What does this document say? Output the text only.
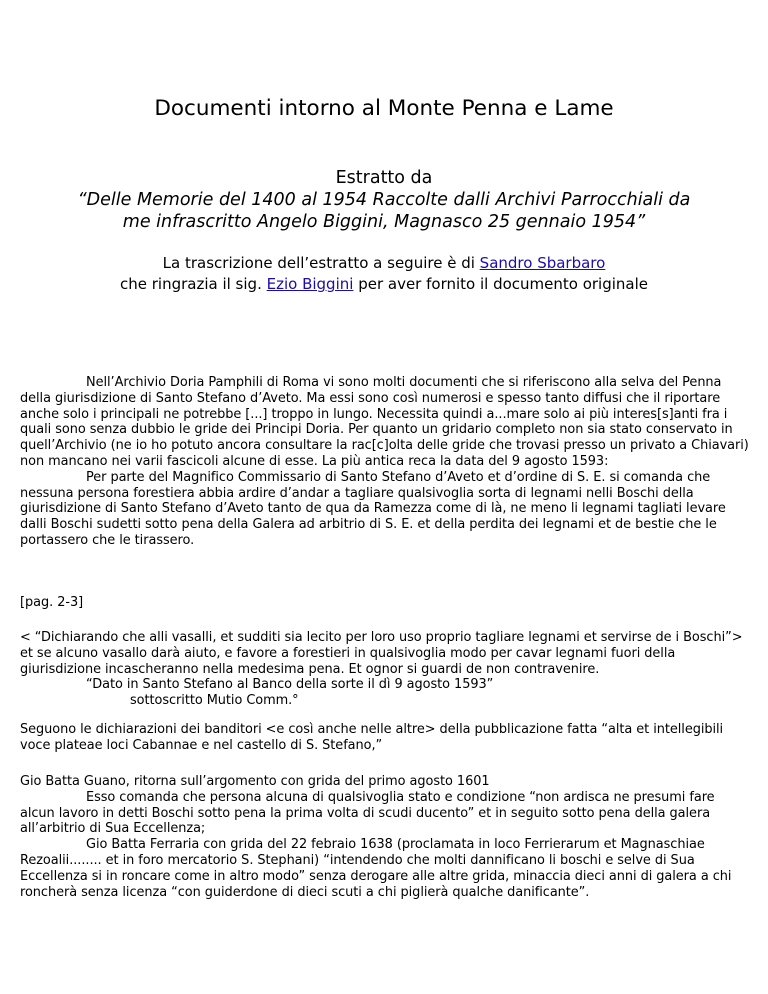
Documenti intorno al Monte Penna e Lame
Estratto da
“Delle Memorie del 1400 al 1954 Raccolte dalli Archivi Parrocchiali da
me infrascritto Angelo Biggini, Magnasco 25 gennaio 1954”
La trascrizione dell’estratto a seguire è di Sandro Sbarbaro
che ringrazia il sig. Ezio Biggini per aver fornito il documento originale

Nell’Archivio Doria Pamphili di Roma vi sono molti documenti che si riferiscono alla selva del Penna della giurisdizione di Santo Stefano d’Aveto. Ma essi sono così numerosi e spesso tanto diffusi che il riportare anche solo i principali ne potrebbe [...] troppo in lungo. Necessita quindi a...mare solo ai più interes[s]anti fra i quali sono senza dubbio le gride dei Principi Doria. Per quanto un gridario completo non sia stato conservato in quell’Archivio (ne io ho potuto ancora consultare la rac[c]olta delle gride che trovasi presso un privato a Chiavari) non mancano nei varii fascicoli alcune di esse. La più antica reca la data del 9 agosto 1593:

Per parte del Magnifico Commissario di Santo Stefano d’Aveto et d’ordine di S. E. si comanda che nessuna persona forestiera abbia ardire d’andar a tagliare qualsivoglia sorta di legnami nelli Boschi della giurisdizione di Santo Stefano d’Aveto tanto de qua da Ramezza come di là, ne meno li legnami tagliati levare dalli Boschi sudetti sotto pena della Galera ad arbitrio di S. E. et della perdita dei legnami et de bestie che le portassero che le tirassero.

[pag. 2-3]

< “Dichiarando che alli vasalli, et sudditi sia lecito per loro uso proprio tagliare legnami et servirse de i Boschi”> et se alcuno vasallo darà aiuto, e favore a forestieri in qualsivoglia modo per cavar legnami fuori della giurisdizione incascheranno nella medesima pena. Et ognor si guardi de non contravenire.

“Dato in Santo Stefano al Banco della sorte il dì 9 agosto 1593”

sottoscritto Mutio Comm.°

Seguono le dichiarazioni dei banditori <e così anche nelle altre> della pubblicazione fatta “alta et intellegibili voce plateae loci Cabannae e nel castello di S. Stefano,”

Gio Batta Guano, ritorna sull’argomento con grida del primo agosto 1601

Esso comanda che persona alcuna di qualsivoglia stato e condizione “non ardisca ne presumi fare alcun lavoro in detti Boschi sotto pena la prima volta di scudi ducento” et in seguito sotto pena della galera all’arbitrio di Sua Eccellenza;

Gio Batta Ferraria con grida del 22 febraio 1638 (proclamata in loco Ferrierarum et Magnaschiae Rezoalii........ et in foro mercatorio S. Stephani) “intendendo che molti dannificano li boschi e selve di Sua Eccellenza si in roncare come in altro modo” senza derogare alle altre grida, minaccia dieci anni di galera a chi roncherà senza licenza “con guiderdone di dieci scuti a chi piglierà qualche danificante”.
